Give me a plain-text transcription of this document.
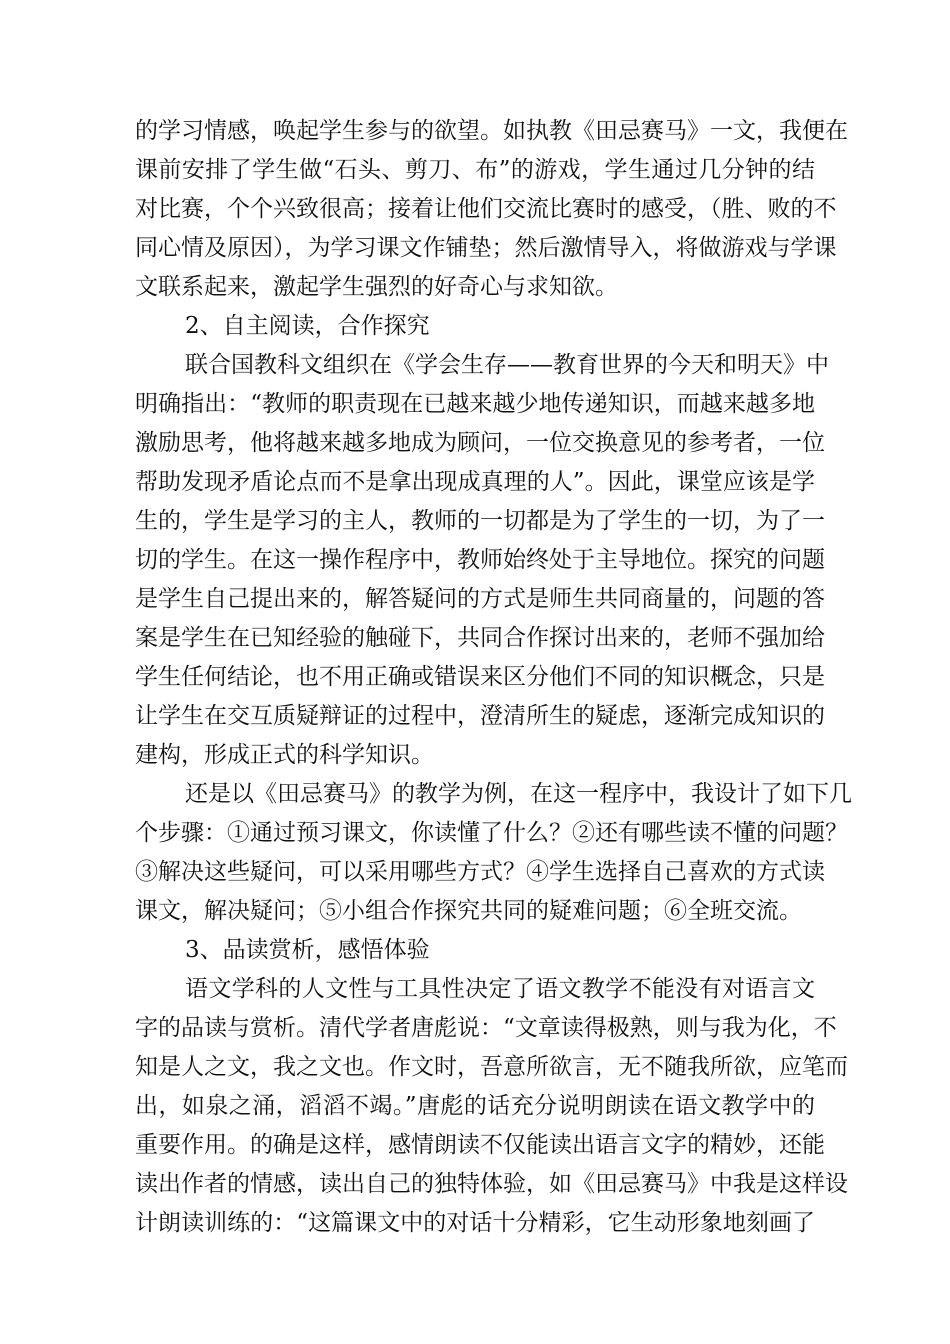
的学习情感，唤起学生参与的欲望。如执教《田忌赛马》一文，我便在
课前安排了学生做“石头、剪刀、布”的游戏，学生通过几分钟的结
对比赛，个个兴致很高；接着让他们交流比赛时的感受，（胜、败的不
同心情及原因），为学习课文作铺垫；然后激情导入，将做游戏与学课
文联系起来，激起学生强烈的好奇心与求知欲。
2、自主阅读，合作探究
联合国教科文组织在《学会生存——教育世界的今天和明天》中
明确指出：“教师的职责现在已越来越少地传递知识，而越来越多地
激励思考，他将越来越多地成为顾问，一位交换意见的参考者，一位
帮助发现矛盾论点而不是拿出现成真理的人”。因此，课堂应该是学
生的，学生是学习的主人，教师的一切都是为了学生的一切，为了一
切的学生。在这一操作程序中，教师始终处于主导地位。探究的问题
是学生自己提出来的，解答疑问的方式是师生共同商量的，问题的答
案是学生在已知经验的触碰下，共同合作探讨出来的，老师不强加给
学生任何结论，也不用正确或错误来区分他们不同的知识概念，只是
让学生在交互质疑辩证的过程中，澄清所生的疑虑，逐渐完成知识的
建构，形成正式的科学知识。
还是以《田忌赛马》的教学为例，在这一程序中，我设计了如下几
个步骤：①通过预习课文，你读懂了什么？②还有哪些读不懂的问题？
③解决这些疑问，可以采用哪些方式？④学生选择自己喜欢的方式读
课文，解决疑问；⑤小组合作探究共同的疑难问题；⑥全班交流。
3、品读赏析，感悟体验
语文学科的人文性与工具性决定了语文教学不能没有对语言文
字的品读与赏析。清代学者唐彪说：“文章读得极熟，则与我为化，不
知是人之文，我之文也。作文时，吾意所欲言，无不随我所欲，应笔而
出，如泉之涌，滔滔不竭。”唐彪的话充分说明朗读在语文教学中的
重要作用。的确是这样，感情朗读不仅能读出语言文字的精妙，还能
读出作者的情感，读出自己的独特体验，如《田忌赛马》中我是这样设
计朗读训练的：“这篇课文中的对话十分精彩，它生动形象地刻画了
